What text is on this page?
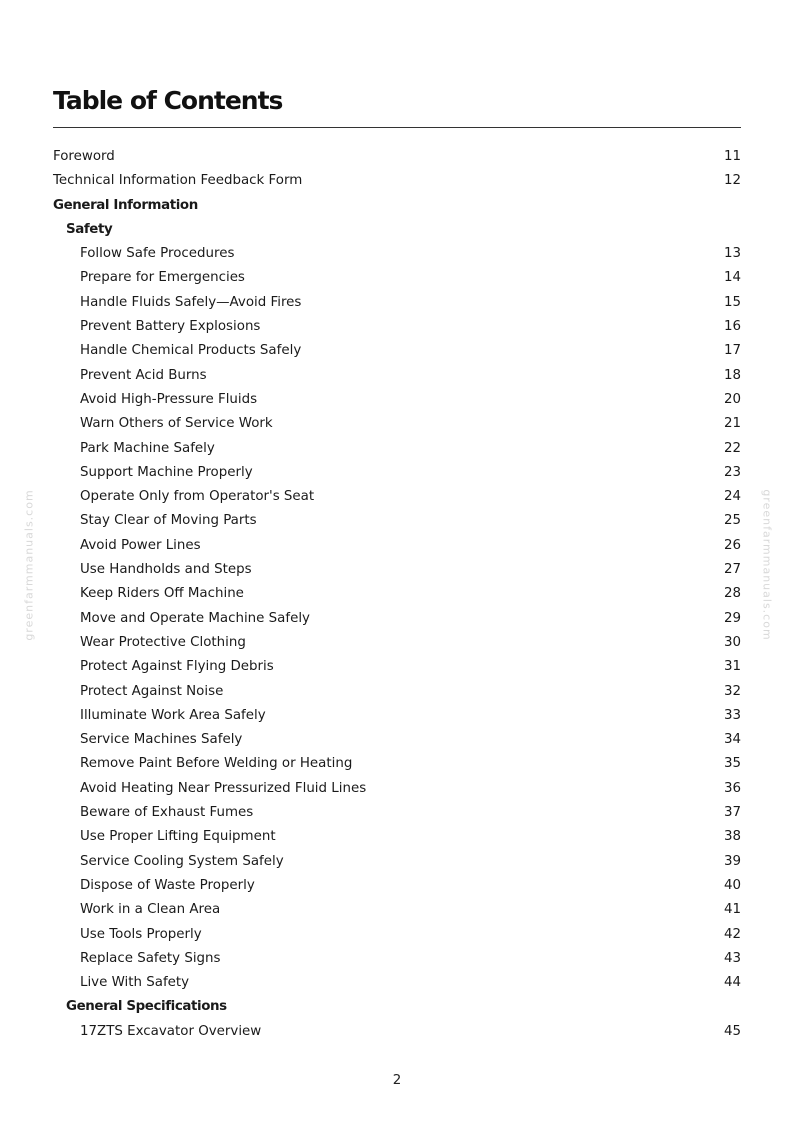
Table of Contents
Foreword	11
Technical Information Feedback Form	12
General Information
Safety
Follow Safe Procedures	13
Prepare for Emergencies	14
Handle Fluids Safely—Avoid Fires	15
Prevent Battery Explosions	16
Handle Chemical Products Safely	17
Prevent Acid Burns	18
Avoid High-Pressure Fluids	20
Warn Others of Service Work	21
Park Machine Safely	22
Support Machine Properly	23
Operate Only from Operator's Seat	24
Stay Clear of Moving Parts	25
Avoid Power Lines	26
Use Handholds and Steps	27
Keep Riders Off Machine	28
Move and Operate Machine Safely	29
Wear Protective Clothing	30
Protect Against Flying Debris	31
Protect Against Noise	32
Illuminate Work Area Safely	33
Service Machines Safely	34
Remove Paint Before Welding or Heating	35
Avoid Heating Near Pressurized Fluid Lines	36
Beware of Exhaust Fumes	37
Use Proper Lifting Equipment	38
Service Cooling System Safely	39
Dispose of Waste Properly	40
Work in a Clean Area	41
Use Tools Properly	42
Replace Safety Signs	43
Live With Safety	44
General Specifications
17ZTS Excavator Overview	45
greenfarmmanuals.com	greenfarmmanuals.com
2
